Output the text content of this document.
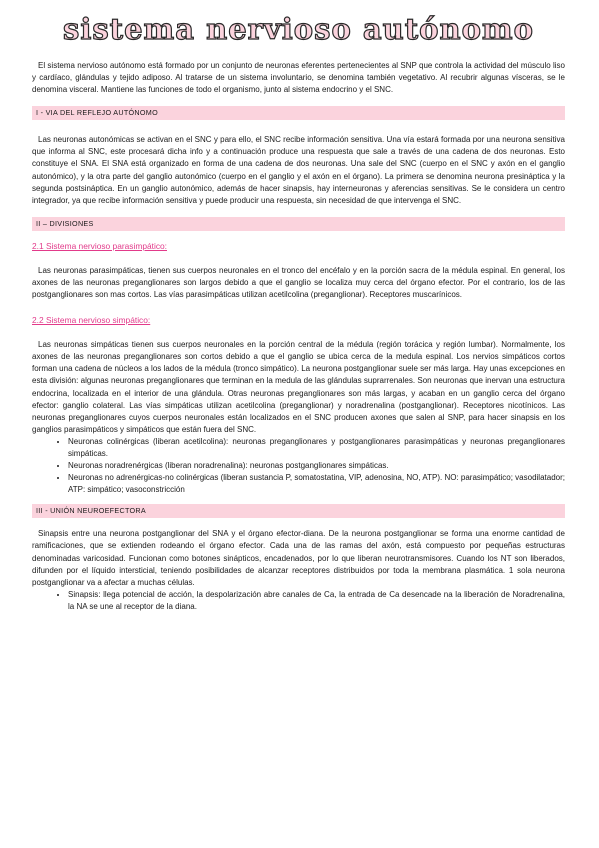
sistema nervioso autónomo

El sistema nervioso autónomo está formado por un conjunto de neuronas eferentes pertenecientes al SNP que controla la actividad del músculo liso y cardíaco, glándulas y tejido adiposo. Al tratarse de un sistema involuntario, se denomina también vegetativo. Al recubrir algunas vísceras, se le denomina visceral. Mantiene las funciones de todo el organismo, junto al sistema endocrino y el SNC.

I - VIA DEL REFLEJO AUTÓNOMO

Las neuronas autonómicas se activan en el SNC y para ello, el SNC recibe información sensitiva. Una vía estará formada por una neurona sensitiva que informa al SNC, este procesará dicha info y a continuación produce una respuesta que sale a través de una cadena de dos neuronas. Esto constituye el SNA. El SNA está organizado en forma de una cadena de dos neuronas. Una sale del SNC (cuerpo en el SNC y axón en el ganglio autonómico), y la otra parte del ganglio autonómico (cuerpo en el ganglio y el axón en el órgano). La primera se denomina neurona presináptica y la segunda postsináptica. En un ganglio autonómico, además de hacer sinapsis, hay interneuronas y aferencias sensitivas. Se le considera un centro integrador, ya que recibe información sensitiva y puede producir una respuesta, sin necesidad de que intervenga el SNC.

II – DIVISIONES
2.1 Sistema nervioso parasimpático:

Las neuronas parasimpáticas, tienen sus cuerpos neuronales en el tronco del encéfalo y en la porción sacra de la médula espinal. En general, los axones de las neuronas preganglionares son largos debido a que el ganglio se localiza muy cerca del órgano efector. Por el contrario, los de las postganglionares son mas cortos. Las vías parasimpáticas utilizan acetilcolina (preganglionar). Receptores muscarínicos.

2.2 Sistema nervioso simpático:

Las neuronas simpáticas tienen sus cuerpos neuronales en la porción central de la médula (región torácica y región lumbar). Normalmente, los axones de las neuronas preganglionares son cortos debido a que el ganglio se ubica cerca de la medula espinal. Los nervios simpáticos cortos forman una cadena de núcleos a los lados de la médula (tronco simpático). La neurona postganglionar suele ser más larga. Hay unas excepciones en esta división: algunas neuronas preganglionares que terminan en la medula de las glándulas suprarrenales. Son neuronas que inervan una estructura endocrina, localizada en el interior de una glándula. Otras neuronas preganglionares son más largas, y acaban en un ganglio cerca del órgano efector: ganglio colateral. Las vías simpáticas utilizan acetilcolina (preganglionar) y noradrenalina (postganglionar). Receptores nicotínicos. Las neuronas preganglionares cuyos cuerpos neuronales están localizados en el SNC producen axones que salen al SNP, para hacer sinapsis en los ganglios parasimpáticos y simpáticos que están fuera del SNC.

• Neuronas colinérgicas (liberan acetilcolina): neuronas preganglionares y postganglionares parasimpáticas y neuronas preganglionares simpáticas.
• Neuronas noradrenérgicas (liberan noradrenalina): neuronas postganglionares simpáticas.
• Neuronas no adrenérgicas-no colinérgicas (liberan sustancia P, somatostatina, VIP, adenosina, NO, ATP). NO: parasimpático; vasodilatador; ATP: simpático; vasoconstricción
III - UNIÓN NEUROEFECTORA

Sinapsis entre una neurona postganglionar del SNA y el órgano efector-diana. De la neurona postganglionar se forma una enorme cantidad de ramificaciones, que se extienden rodeando el órgano efector. Cada una de las ramas del axón, está compuesto por pequeñas estructuras denominadas varicosidad. Funcionan como botones sinápticos, encadenados, por lo que liberan neurotransmisores. Cuando los NT son liberados, difunden por el líquido intersticial, teniendo posibilidades de alcanzar receptores distribuidos por toda la membrana plasmática. 1 sola neurona postganglionar va a afectar a muchas células.

• Sinapsis: llega potencial de acción, la despolarización abre canales de Ca, la entrada de Ca desencade na la liberación de Noradrenalina, la NA se une al receptor de la diana.
